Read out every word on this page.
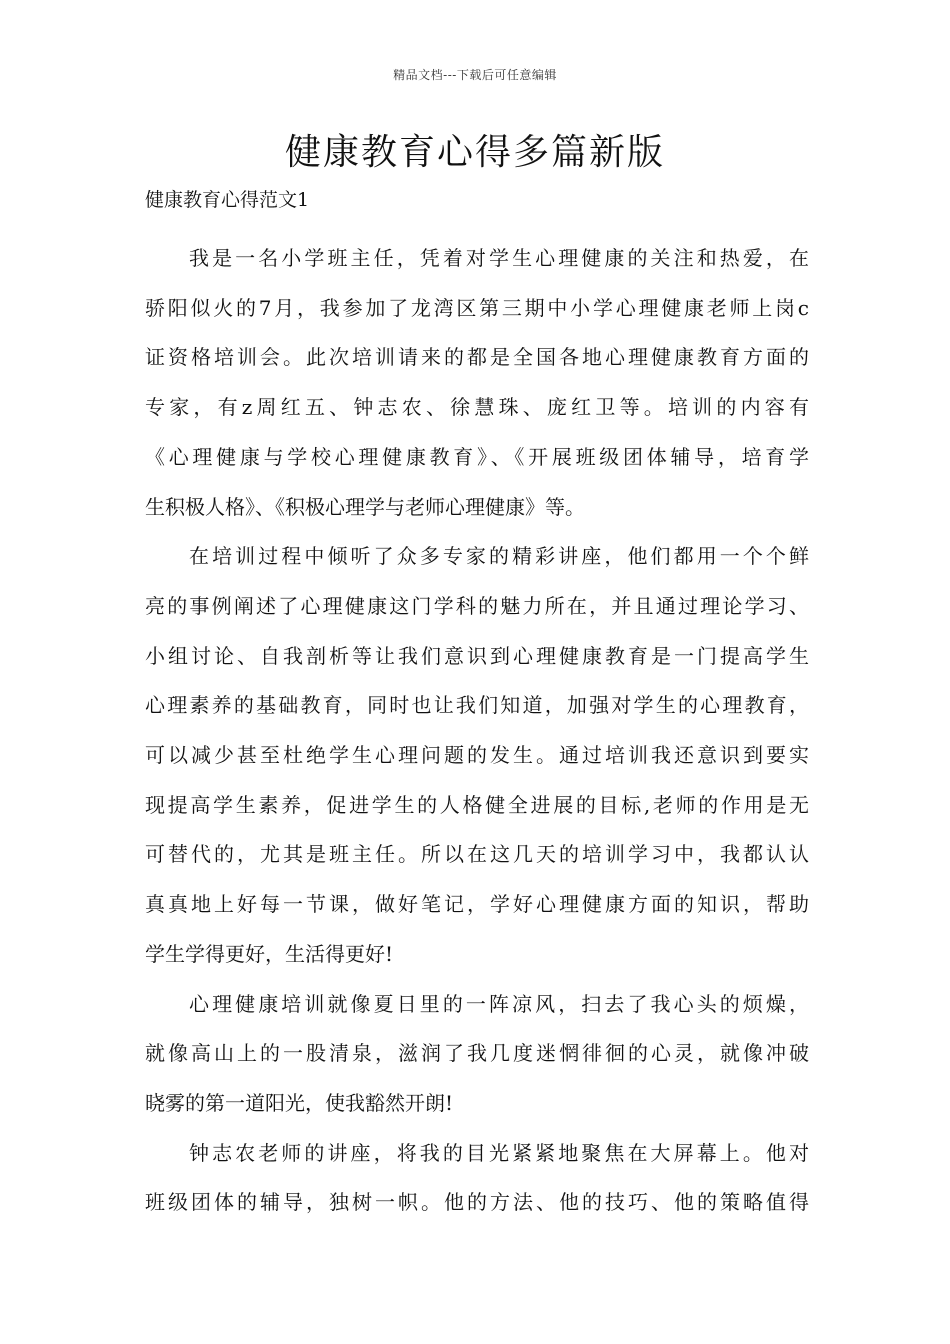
精品文档---下载后可任意编辑
健康教育心得多篇新版
健康教育心得范文1

我是一名小学班主任，凭着对学生心理健康的关注和热爱，在
骄阳似火的7月，我参加了龙湾区第三期中小学心理健康老师上岗c
证资格培训会。此次培训请来的都是全国各地心理健康教育方面的
专家，有z周红五、钟志农、徐慧珠、庞红卫等。培训的内容有
《心理健康与学校心理健康教育》、《开展班级团体辅导，培育学
生积极人格》、《积极心理学与老师心理健康》等。

在培训过程中倾听了众多专家的精彩讲座，他们都用一个个鲜
亮的事例阐述了心理健康这门学科的魅力所在，并且通过理论学习、
小组讨论、自我剖析等让我们意识到心理健康教育是一门提高学生
心理素养的基础教育，同时也让我们知道，加强对学生的心理教育，
可以减少甚至杜绝学生心理问题的发生。通过培训我还意识到要实
现提高学生素养，促进学生的人格健全进展的目标,老师的作用是无
可替代的，尤其是班主任。所以在这几天的培训学习中，我都认认
真真地上好每一节课，做好笔记，学好心理健康方面的知识，帮助
学生学得更好，生活得更好!

心理健康培训就像夏日里的一阵凉风，扫去了我心头的烦燥，
就像高山上的一股清泉，滋润了我几度迷惘徘徊的心灵，就像冲破
晓雾的第一道阳光，使我豁然开朗!

钟志农老师的讲座，将我的目光紧紧地聚焦在大屏幕上。他对
班级团体的辅导，独树一帜。他的方法、他的技巧、他的策略值得
